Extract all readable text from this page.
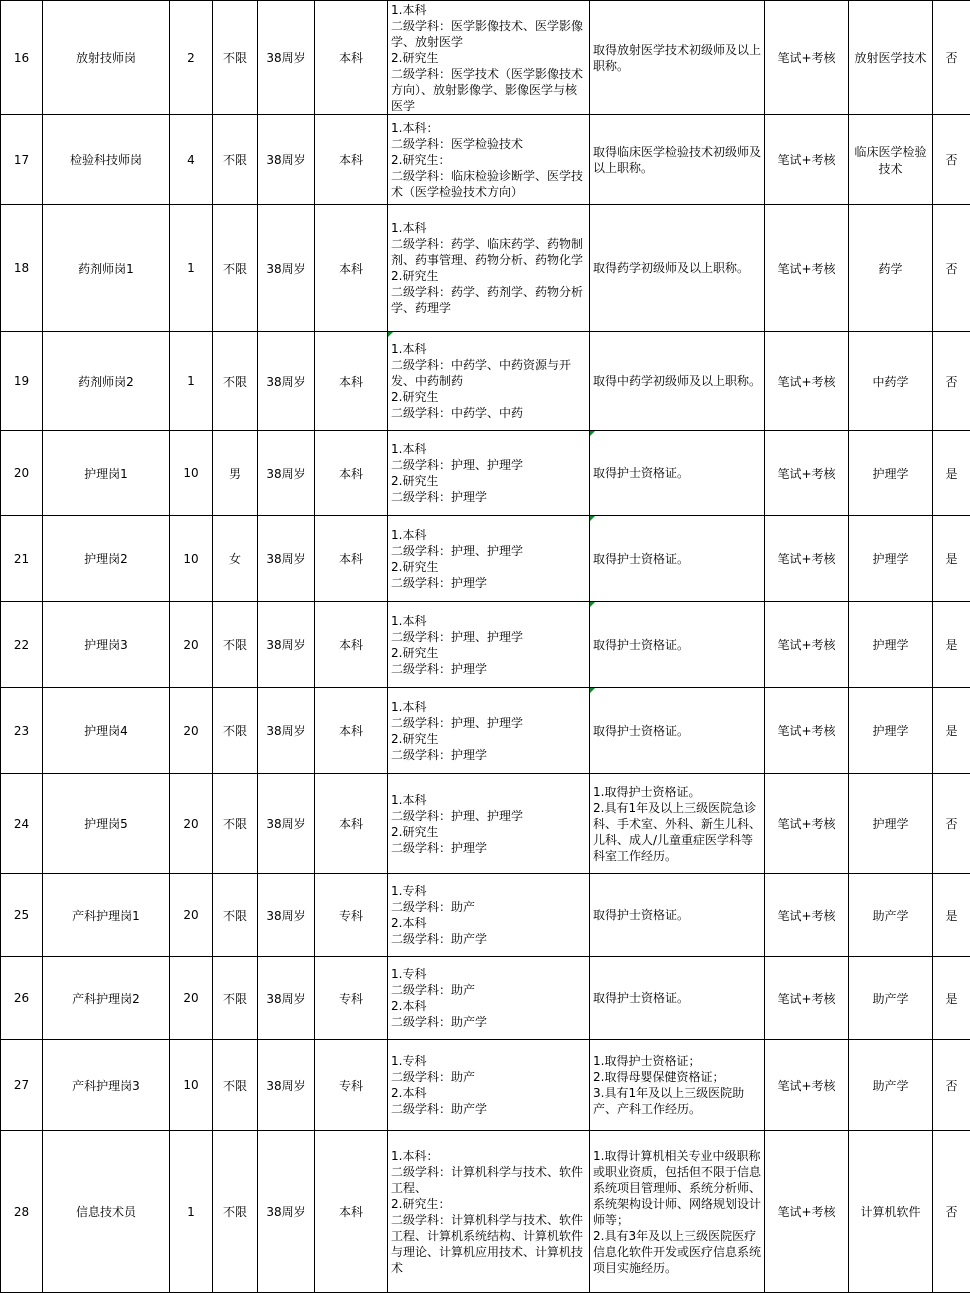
16	放射技师岗	2	不限	38周岁	本科	1.本科
二级学科：医学影像技术、医学影像学、放射医学
2.研究生
二级学科：医学技术（医学影像技术方向）、放射影像学、影像医学与核医学	取得放射医学技术初级师及以上职称。	笔试+考核	放射医学技术	否
17	检验科技师岗	4	不限	38周岁	本科	1.本科：
二级学科：医学检验技术
2.研究生：
二级学科：临床检验诊断学、医学技术（医学检验技术方向）	取得临床医学检验技术初级师及以上职称。	笔试+考核	临床医学检验技术	否
18	药剂师岗1	1	不限	38周岁	本科	1.本科
二级学科：药学、临床药学、药物制剂、药事管理、药物分析、药物化学
2.研究生
二级学科：药学、药剂学、药物分析学、药理学	取得药学初级师及以上职称。	笔试+考核	药学	否
19	药剂师岗2	1	不限	38周岁	本科	1.本科
二级学科：中药学、中药资源与开发、中药制药
2.研究生
二级学科：中药学、中药	取得中药学初级师及以上职称。	笔试+考核	中药学	否
20	护理岗1	10	男	38周岁	本科	1.本科
二级学科：护理、护理学
2.研究生
二级学科：护理学	取得护士资格证。	笔试+考核	护理学	是
21	护理岗2	10	女	38周岁	本科	1.本科
二级学科：护理、护理学
2.研究生
二级学科：护理学	取得护士资格证。	笔试+考核	护理学	是
22	护理岗3	20	不限	38周岁	本科	1.本科
二级学科：护理、护理学
2.研究生
二级学科：护理学	取得护士资格证。	笔试+考核	护理学	是
23	护理岗4	20	不限	38周岁	本科	1.本科
二级学科：护理、护理学
2.研究生
二级学科：护理学	取得护士资格证。	笔试+考核	护理学	是
24	护理岗5	20	不限	38周岁	本科	1.本科
二级学科：护理、护理学
2.研究生
二级学科：护理学	1.取得护士资格证。
2.具有1年及以上三级医院急诊科、手术室、外科、新生儿科、儿科、成人/儿童重症医学科等科室工作经历。	笔试+考核	护理学	否
25	产科护理岗1	20	不限	38周岁	专科	1.专科
二级学科：助产
2.本科
二级学科：助产学	取得护士资格证。	笔试+考核	助产学	是
26	产科护理岗2	20	不限	38周岁	专科	1.专科
二级学科：助产
2.本科
二级学科：助产学	取得护士资格证。	笔试+考核	助产学	是
27	产科护理岗3	10	不限	38周岁	专科	1.专科
二级学科：助产
2.本科
二级学科：助产学	1.取得护士资格证；
2.取得母婴保健资格证；
3.具有1年及以上三级医院助产、产科工作经历。	笔试+考核	助产学	否
28	信息技术员	1	不限	38周岁	本科	1.本科：
二级学科：计算机科学与技术、软件工程、
2.研究生：
二级学科：计算机科学与技术、软件工程、计算机系统结构、计算机软件与理论、计算机应用技术、计算机技术	1.取得计算机相关专业中级职称或职业资质，包括但不限于信息系统项目管理师、系统分析师、系统架构设计师、网络规划设计师等；
2.具有3年及以上三级医院医疗信息化软件开发或医疗信息系统项目实施经历。	笔试+考核	计算机软件	否
